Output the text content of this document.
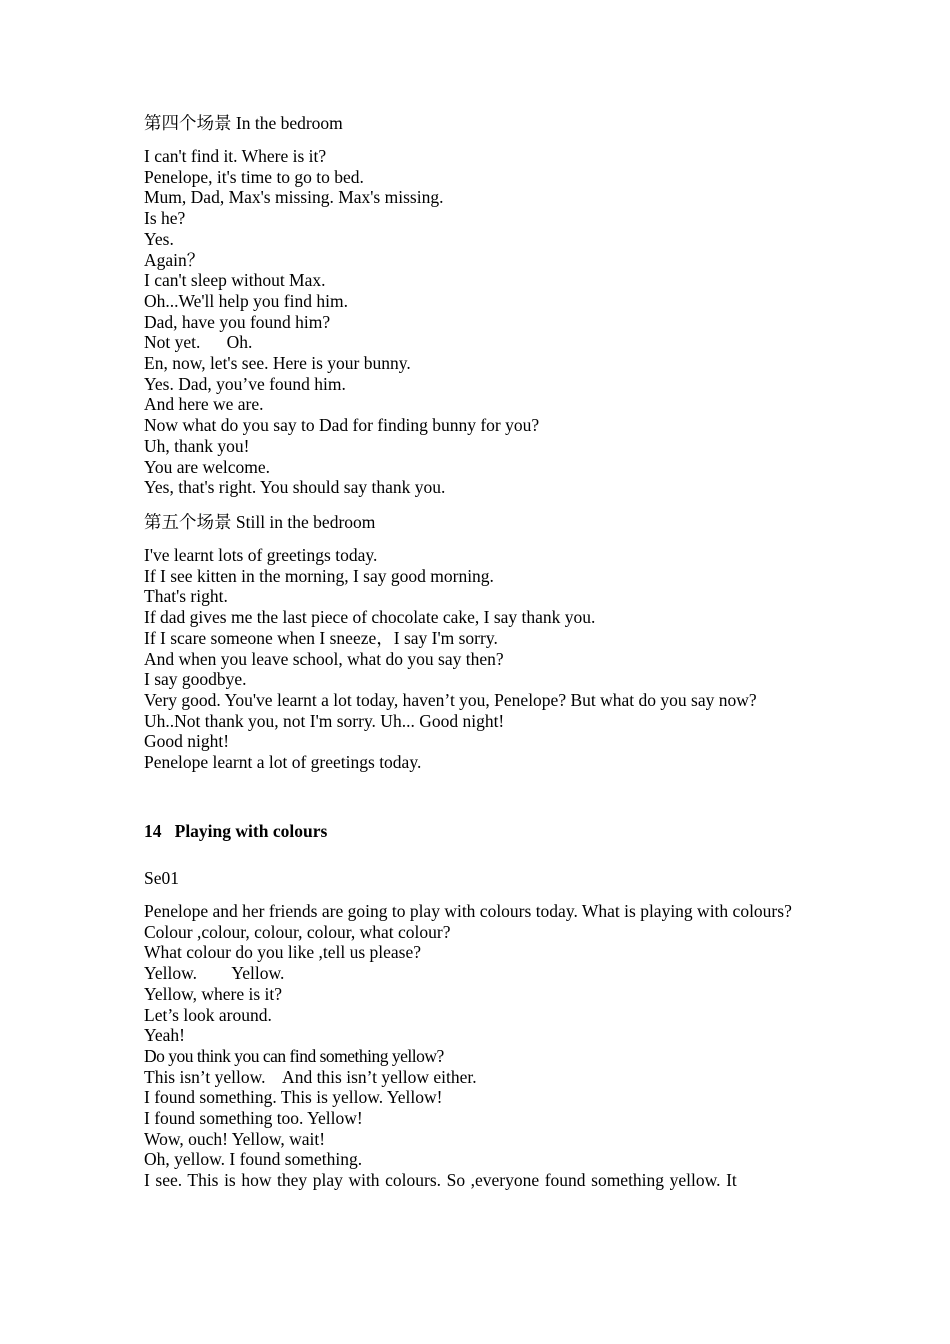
第四个场景 In the bedroom
I can't find it. Where is it?
Penelope, it's time to go to bed.
Mum, Dad, Max's missing. Max's missing.
Is he?
Yes.
Again？
I can't sleep without Max.
Oh...We'll help you find him.
Dad, have you found him?
Not yet.      Oh.
En, now, let's see. Here is your bunny.
Yes. Dad, you’ve found him.
And here we are.
Now what do you say to Dad for finding bunny for you?
Uh, thank you!
You are welcome.
Yes, that's right. You should say thank you.
第五个场景 Still in the bedroom
I've learnt lots of greetings today.
If I see kitten in the morning, I say good morning.
That's right.
If dad gives me the last piece of chocolate cake, I say thank you.
If I scare someone when I sneeze，I say I'm sorry.
And when you leave school, what do you say then?
I say goodbye.
Very good. You've learnt a lot today, haven’t you, Penelope? But what do you say now?
Uh..Not thank you, not I'm sorry. Uh... Good night!
Good night!
Penelope learnt a lot of greetings today.
14   Playing with colours
Se01
Penelope and her friends are going to play with colours today. What is playing with colours?
Colour ,colour, colour, colour, what colour?
What colour do you like ,tell us please?
Yellow.        Yellow.
Yellow, where is it?
Let’s look around.
Yeah!
Do you think you can find something yellow?
This isn’t yellow.    And this isn’t yellow either.
I found something. This is yellow. Yellow!
I found something too. Yellow!
Wow, ouch! Yellow, wait!
Oh, yellow. I found something.
I see. This is how they play with colours. So ,everyone found something yellow. It
